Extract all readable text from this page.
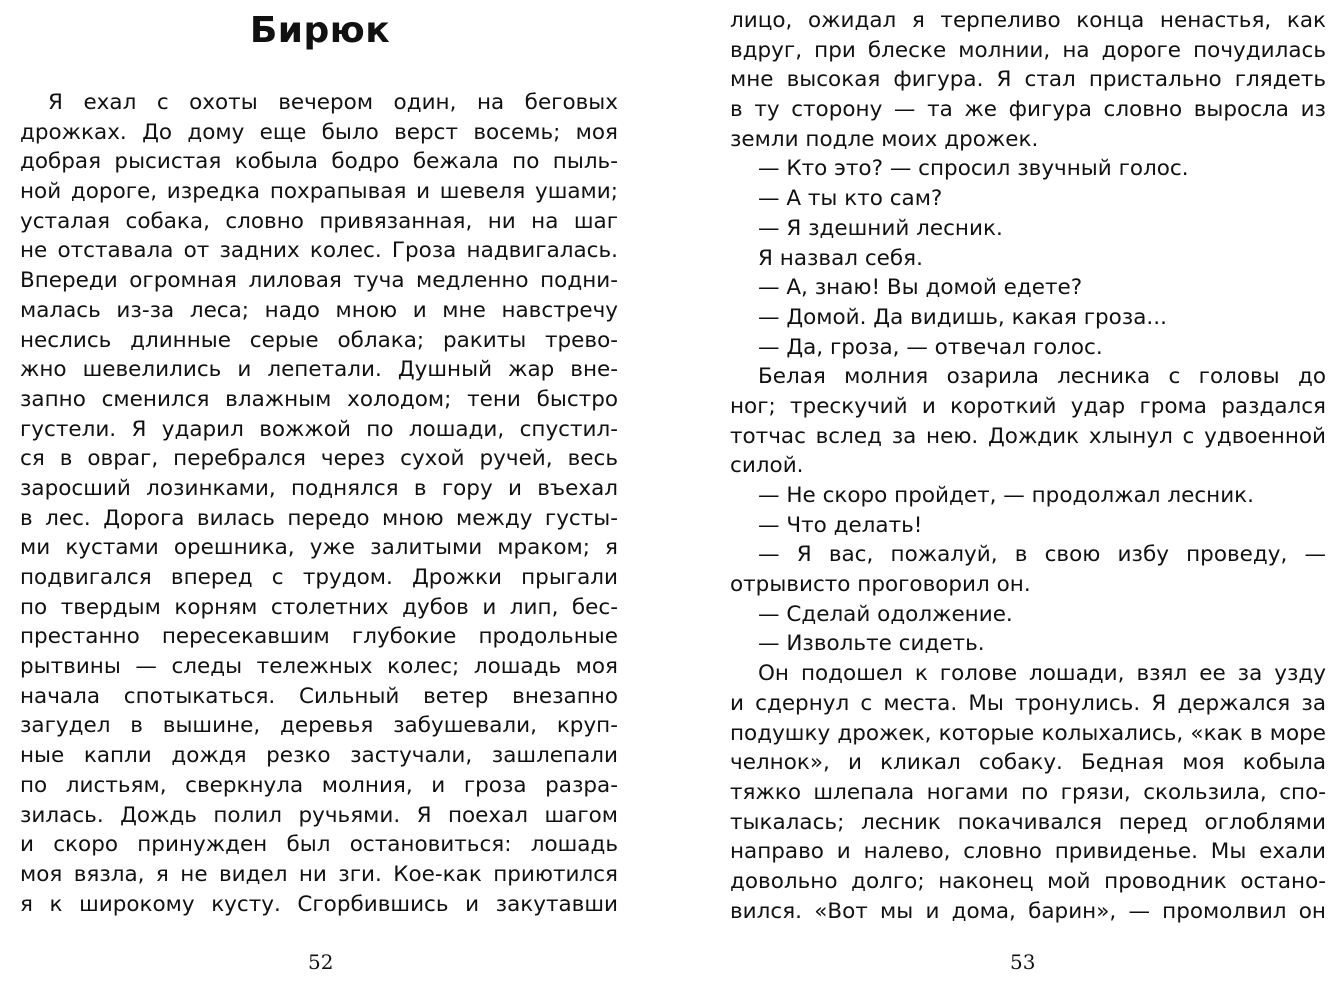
Бирюк
Я ехал с охоты вечером один, на беговых
дрожках. До дому еще было верст восемь; моя
добрая рысистая кобыла бодро бежала по пыль-
ной дороге, изредка похрапывая и шевеля ушами;
усталая собака, словно привязанная, ни на шаг
не отставала от задних колес. Гроза надвигалась.
Впереди огромная лиловая туча медленно подни-
малась из-за леса; надо мною и мне навстречу
неслись длинные серые облака; ракиты трево-
жно шевелились и лепетали. Душный жар вне-
запно сменился влажным холодом; тени быстро
густели. Я ударил вожжой по лошади, спустил-
ся в овраг, перебрался через сухой ручей, весь
заросший лозинками, поднялся в гору и въехал
в лес. Дорога вилась передо мною между густы-
ми кустами орешника, уже залитыми мраком; я
подвигался вперед с трудом. Дрожки прыгали
по твердым корням столетних дубов и лип, бес-
престанно пересекавшим глубокие продольные
рытвины — следы тележных колес; лошадь моя
начала спотыкаться. Сильный ветер внезапно
загудел в вышине, деревья забушевали, круп-
ные капли дождя резко застучали, зашлепали
по листьям, сверкнула молния, и гроза разра-
зилась. Дождь полил ручьями. Я поехал шагом
и скоро принужден был остановиться: лошадь
моя вязла, я не видел ни зги. Кое-как приютился
я к широкому кусту. Сгорбившись и закутавши
52
лицо, ожидал я терпеливо конца ненастья, как
вдруг, при блеске молнии, на дороге почудилась
мне высокая фигура. Я стал пристально глядеть
в ту сторону — та же фигура словно выросла из
земли подле моих дрожек.
— Кто это? — спросил звучный голос.
— А ты кто сам?
— Я здешний лесник.
Я назвал себя.
— А, знаю! Вы домой едете?
— Домой. Да видишь, какая гроза...
— Да, гроза, — отвечал голос.
Белая молния озарила лесника с головы до
ног; трескучий и короткий удар грома раздался
тотчас вслед за нею. Дождик хлынул с удвоенной
силой.
— Не скоро пройдет, — продолжал лесник.
— Что делать!
— Я вас, пожалуй, в свою избу проведу, —
отрывисто проговорил он.
— Сделай одолжение.
— Извольте сидеть.
Он подошел к голове лошади, взял ее за узду
и сдернул с места. Мы тронулись. Я держался за
подушку дрожек, которые колыхались, «как в море
челнок», и кликал собаку. Бедная моя кобыла
тяжко шлепала ногами по грязи, скользила, спо-
тыкалась; лесник покачивался перед оглоблями
направо и налево, словно привиденье. Мы ехали
довольно долго; наконец мой проводник остано-
вился. «Вот мы и дома, барин», — промолвил он
53
